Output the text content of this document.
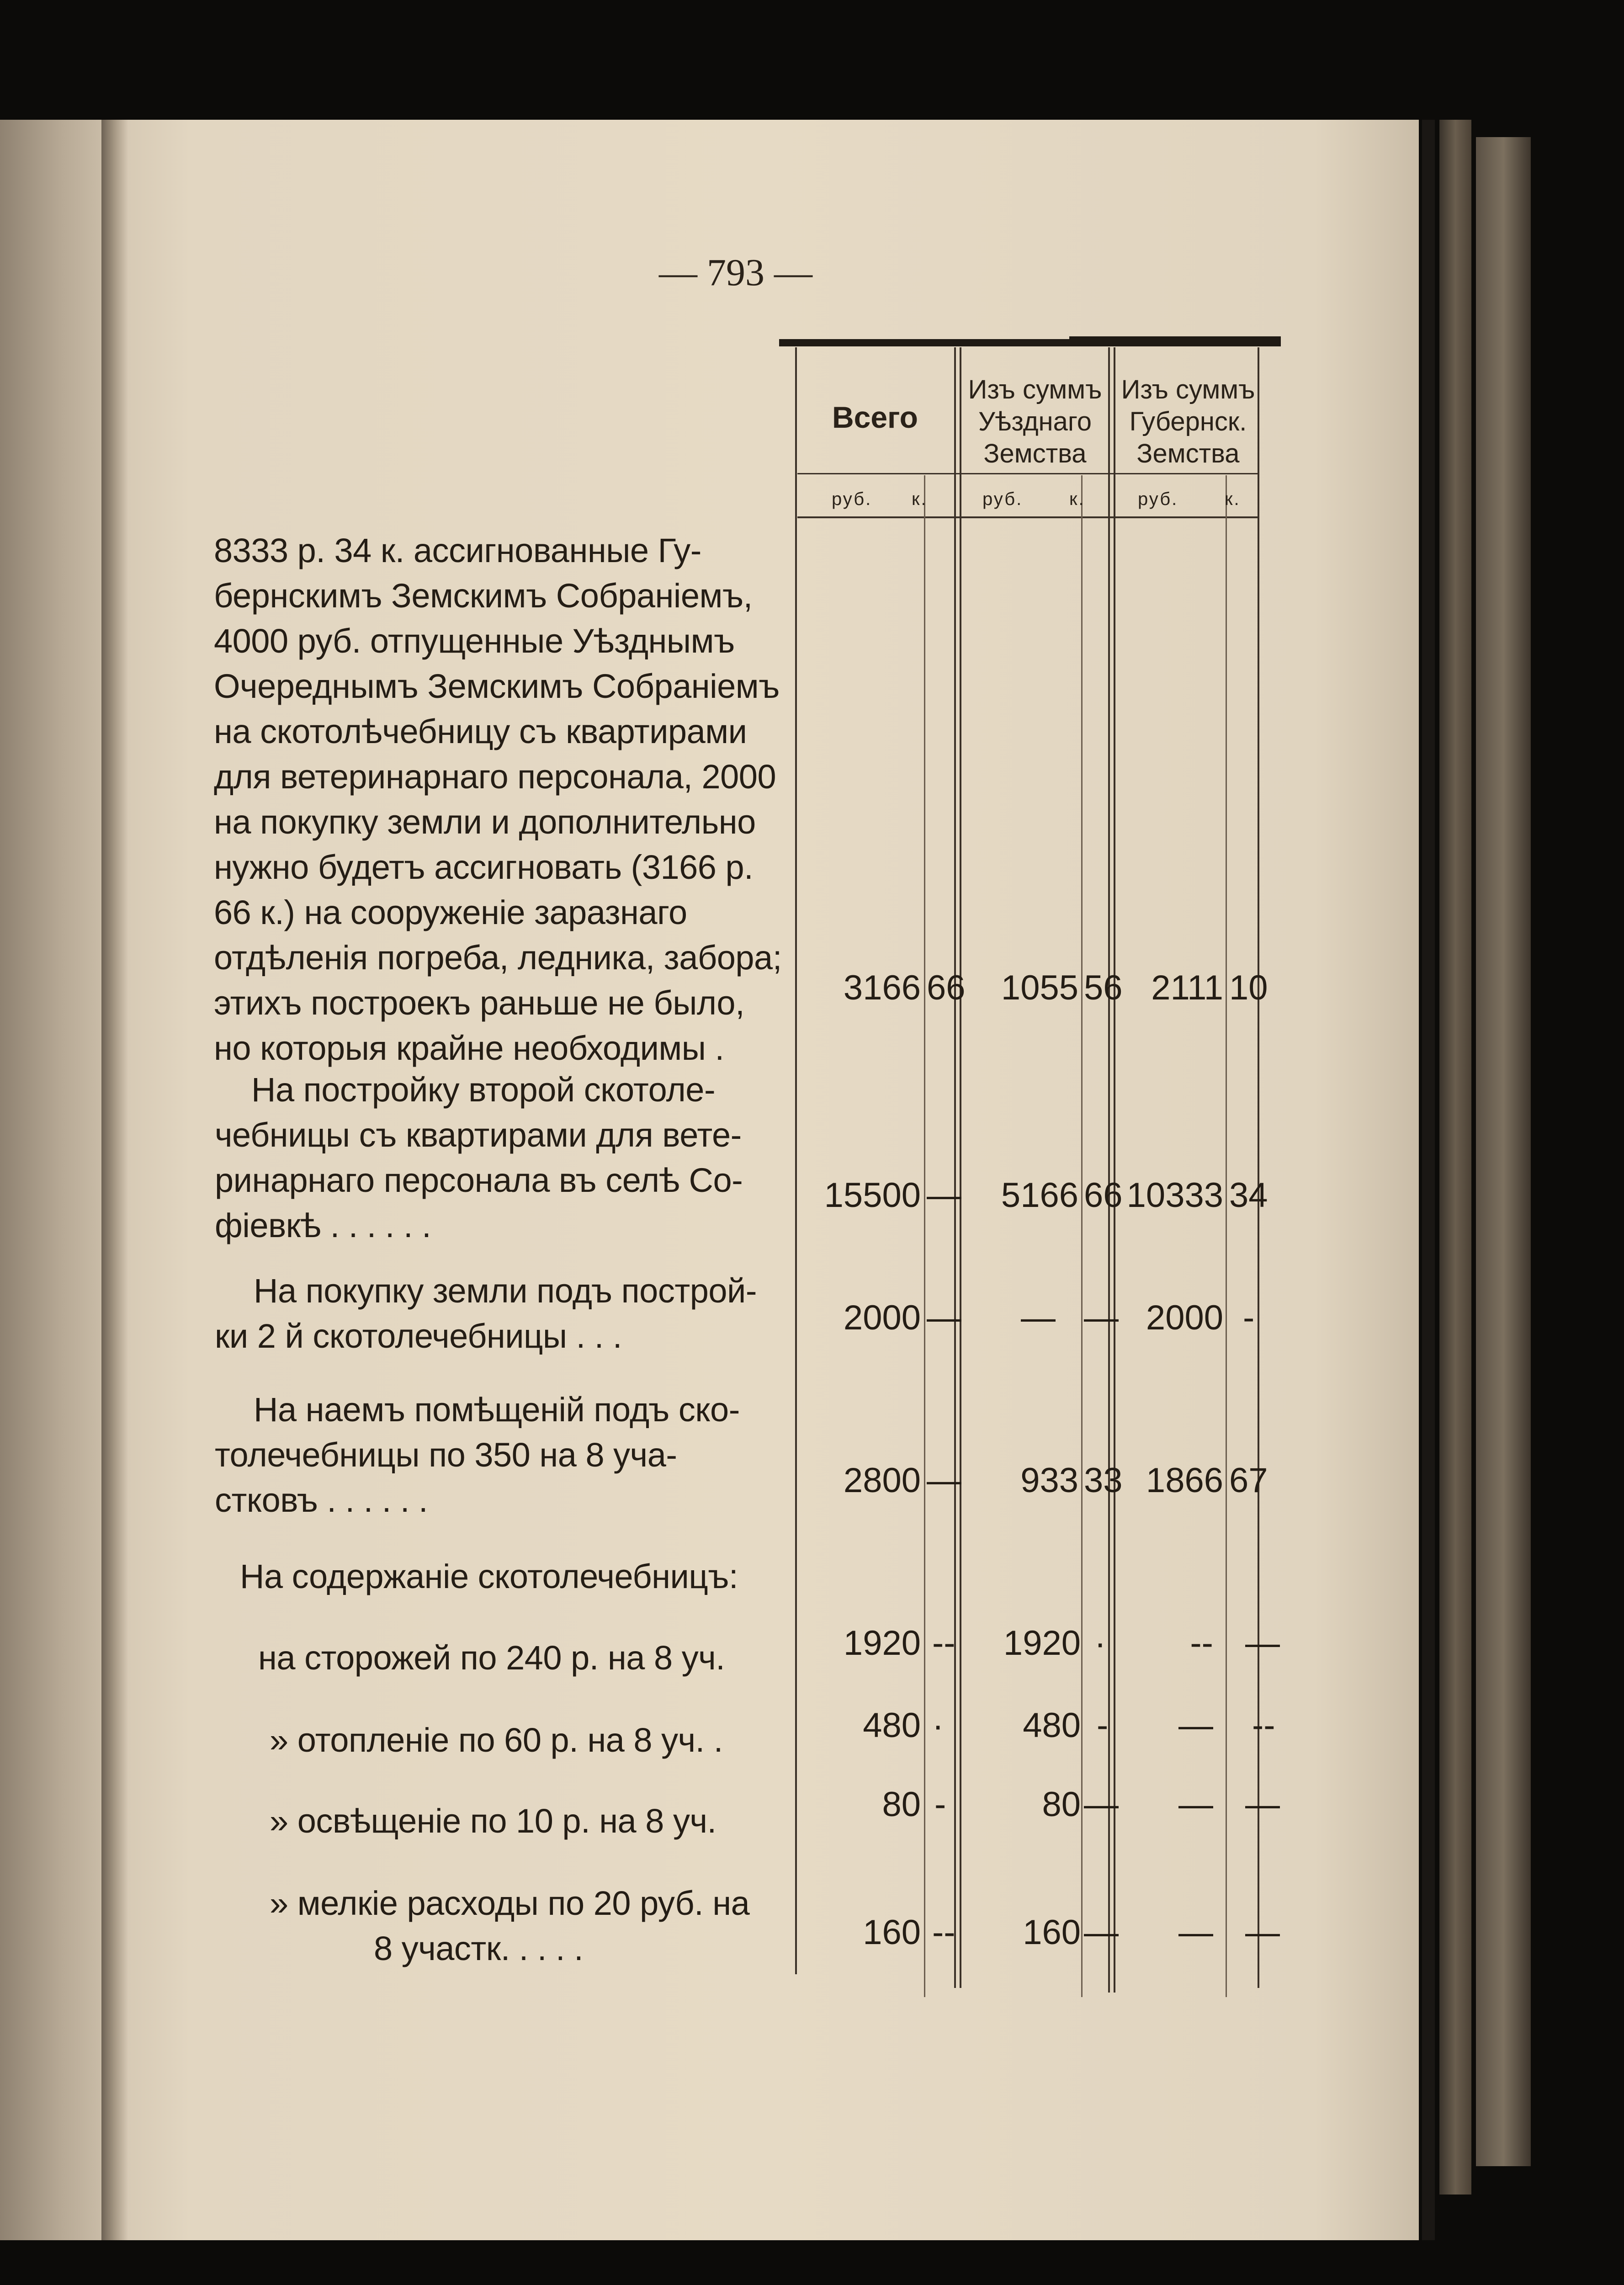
— 793 —
Всего
Изъ суммъ
Уѣзднаго
Земства
Изъ суммъ
Губернск.
Земства
руб. к.	руб.	к.	руб.	к.
8333 р. 34 к. ассигнованные Гу-
бернскимъ Земскимъ Собраніемъ,
4000 руб. отпущенные Уѣзднымъ
Очереднымъ Земскимъ Собраніемъ
на скотолѣчебницу съ квартирами
для ветеринарнаго персонала, 2000
на покупку земли и дополнительно
нужно будетъ ассигновать (3166 р.
66 к.) на сооруженіе заразнаго
отдѣленія погреба, ледника, забора;
этихъ построекъ раньше не было,
но которыя крайне необходимы .
3166 66	1055 56 2111 10
На постройку второй скотоле-
чебницы съ квартирами для вете-
ринарнаго персонала въ селѣ Со-
фіевкѣ . . . . . .
15500 —	5166 66 10333 34
На покупку земли подъ построй-
ки 2 й скотолечебницы . . .	2000 —	— — 2000 -
На наемъ помѣщеній подъ ско-
толечебницы по 350 на 8 уча-
стковъ . . . . . .
2800 —	933 33 1866 67
На содержаніе скотолечебницъ:
на сторожей по 240 р. на 8 уч.	1920 --	1920 ·	-- —
» отопленіе по 60 р. на 8 уч. .	480 ·	480 -	— --
» освѣщеніе по 10 р. на 8 уч.	80 -	80 —	— —
» мелкіе расходы по 20 руб. на
8 участк. . . . .	160 --	160 —	— —
